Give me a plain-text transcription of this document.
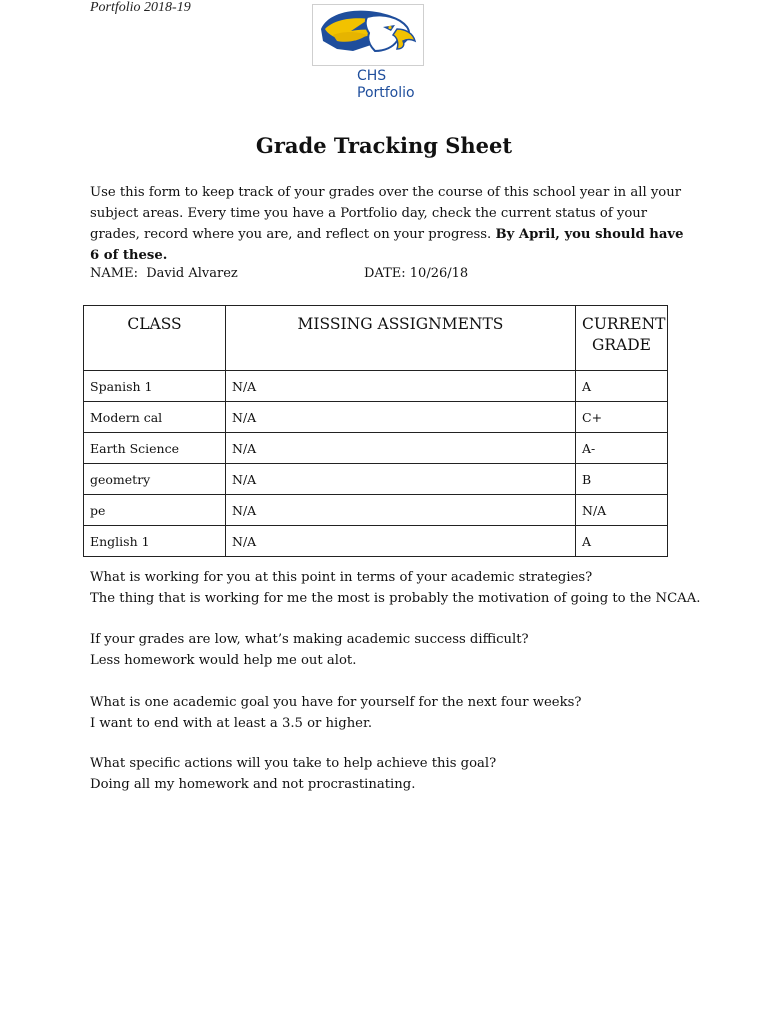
Portfolio 2018-19
CHS
Portfolio
Grade Tracking Sheet
Use this form to keep track of your grades over the course of this school year in all your subject areas. Every time you have a Portfolio day, check the current status of your grades, record where you are, and reflect on your progress. By April, you should have 6 of these.
NAME: David Alvarez	DATE: 10/26/18
CLASS	MISSING ASSIGNMENTS	CURRENT
GRADE
Spanish 1	N/A	A
Modern cal	N/A	C+
Earth Science	N/A	A-
geometry	N/A	B
pe	N/A	N/A
English 1	N/A	A
What is working for you at this point in terms of your academic strategies?
The thing that is working for me the most is probably the motivation of going to the NCAA.
If your grades are low, what’s making academic success difficult?
Less homework would help me out alot.
What is one academic goal you have for yourself for the next four weeks?
I want to end with at least a 3.5 or higher.
What specific actions will you take to help achieve this goal?
Doing all my homework and not procrastinating.
